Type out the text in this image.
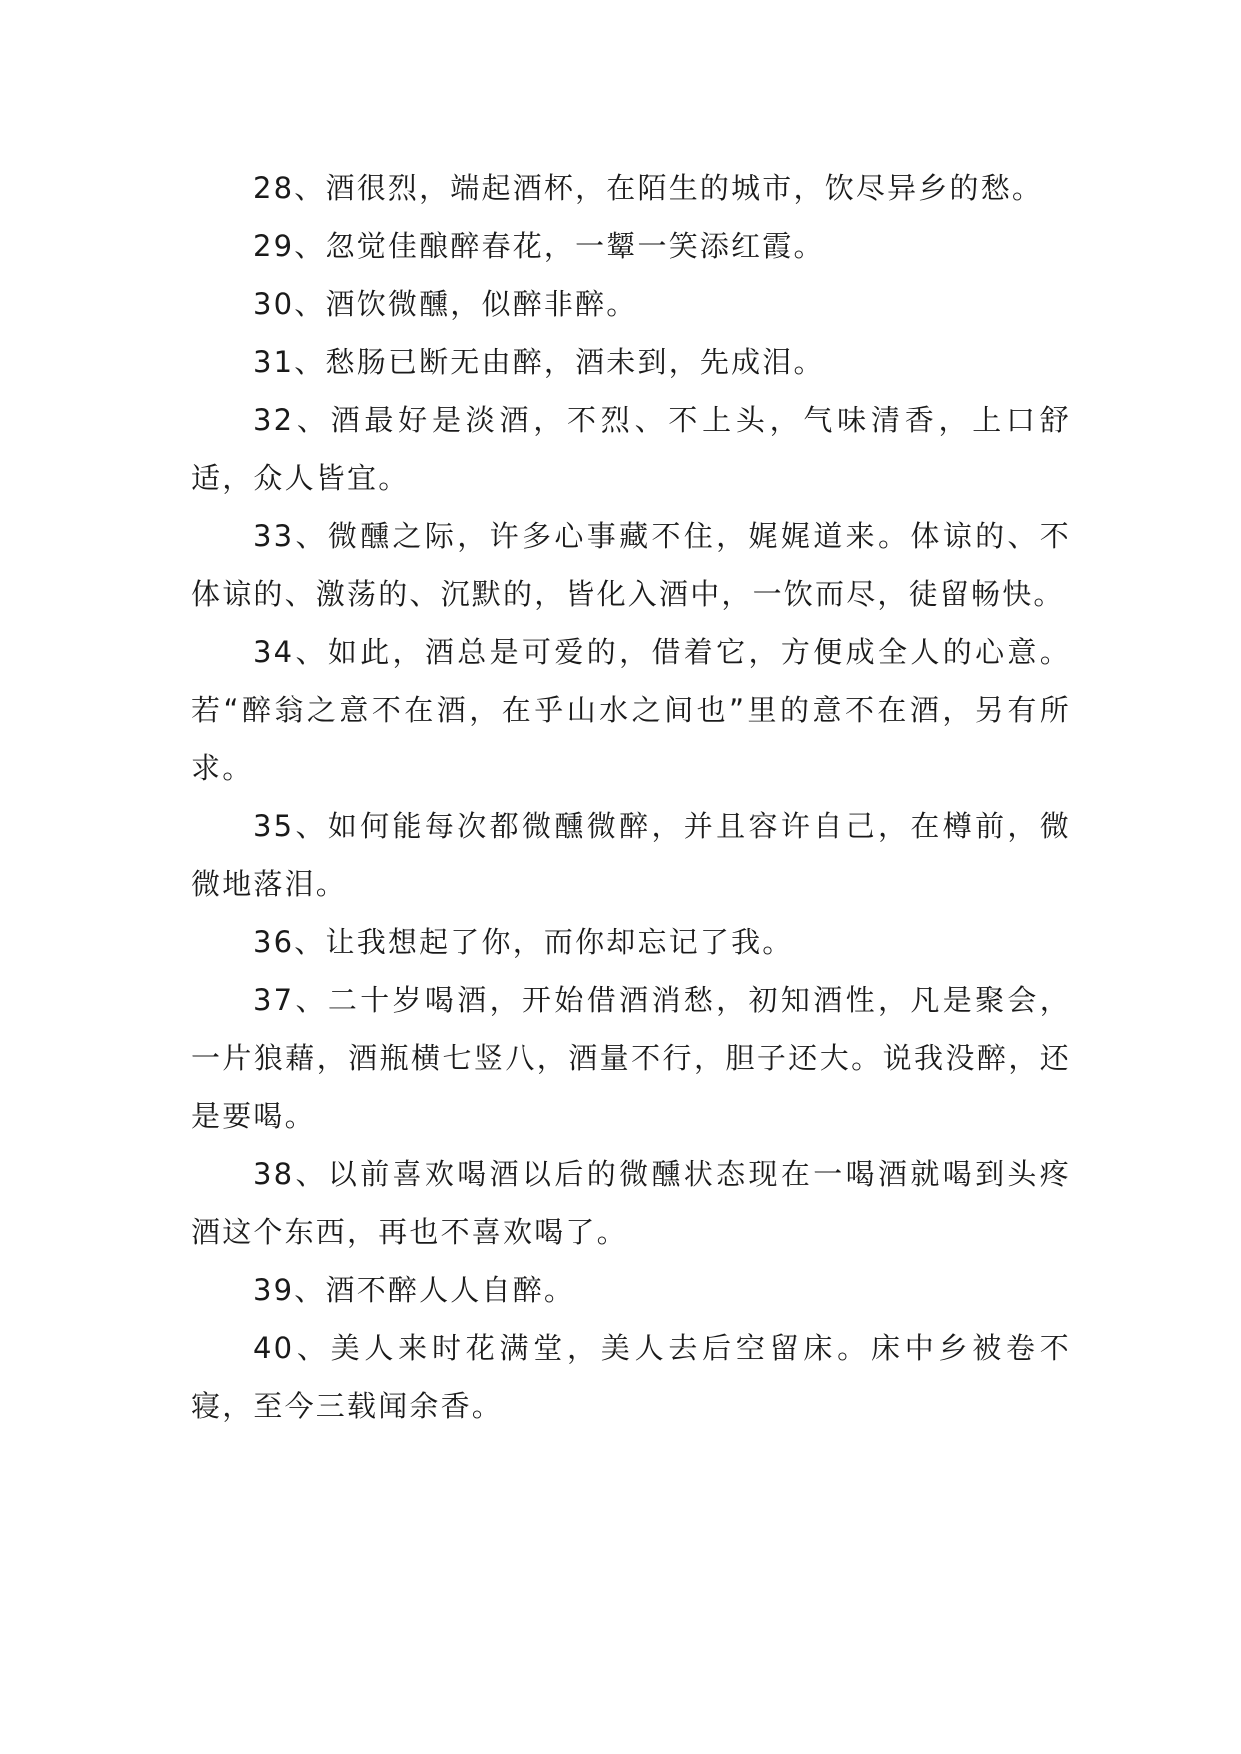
28、酒很烈，端起酒杯，在陌生的城市，饮尽异乡的愁。

29、忽觉佳酿醉春花，一颦一笑添红霞。

30、酒饮微醺，似醉非醉。

31、愁肠已断无由醉，酒未到，先成泪。

32、酒最好是淡酒，不烈、不上头，气味清香，上口舒适，众人皆宜。

33、微醺之际，许多心事藏不住，娓娓道来。体谅的、不体谅的、激荡的、沉默的，皆化入酒中，一饮而尽，徒留畅快。

34、如此，酒总是可爱的，借着它，方便成全人的心意。若“醉翁之意不在酒，在乎山水之间也”里的意不在酒，另有所求。

35、如何能每次都微醺微醉，并且容许自己，在樽前，微微地落泪。

36、让我想起了你，而你却忘记了我。

37、二十岁喝酒，开始借酒消愁，初知酒性，凡是聚会，一片狼藉，酒瓶横七竖八，酒量不行，胆子还大。说我没醉，还是要喝。

38、以前喜欢喝酒以后的微醺状态现在一喝酒就喝到头疼酒这个东西，再也不喜欢喝了。

39、酒不醉人人自醉。

40、美人来时花满堂，美人去后空留床。床中乡被卷不寝，至今三载闻余香。
